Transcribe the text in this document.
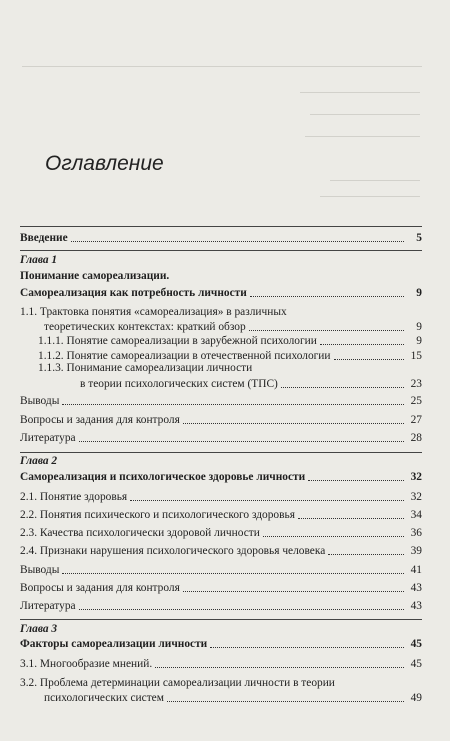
Оглавление
Введение	5
Глава 1
Понимание самореализации.
Самореализация как потребность личности	9
1.1. Трактовка понятия «самореализация» в различных
теоретических контекстах: краткий обзор	9
1.1.1. Понятие самореализации в зарубежной психологии	9
1.1.2. Понятие самореализации в отечественной психологии	15
1.1.3. Понимание самореализации личности
в теории психологических систем (ТПС)	23
Выводы	25
Вопросы и задания для контроля	27
Литература	28
Глава 2
Самореализация и психологическое здоровье личности	32
2.1. Понятие здоровья	32
2.2. Понятия психического и психологического здоровья	34
2.3. Качества психологически здоровой личности	36
2.4. Признаки нарушения психологического здоровья человека	39
Выводы	41
Вопросы и задания для контроля	43
Литература	43
Глава 3
Факторы самореализации личности	45
3.1. Многообразие мнений.	45
3.2. Проблема детерминации самореализации личности в теории
психологических систем	49
